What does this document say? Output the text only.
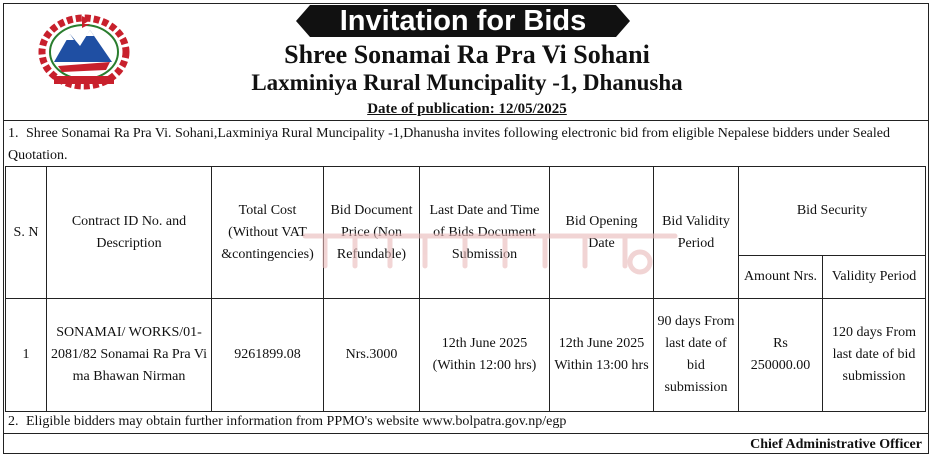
Invitation for Bids
Shree Sonamai Ra Pra Vi Sohani
Laxminiya Rural Muncipality -1, Dhanusha
Date of publication: 12/05/2025
1. Shree Sonamai Ra Pra Vi. Sohani,Laxminiya Rural Muncipality -1,Dhanusha invites following electronic bid from eligible Nepalese bidders under Sealed Quotation.
S. N	Contract ID No. and Description	Total Cost (Without VAT &contingencies)	Bid Document Price (Non Refundable)	Last Date and Time of Bids Document Submission	Bid Opening Date	Bid Validity Period	Bid Security	
							Amount Nrs.	Validity Period
1	SONAMAI/ WORKS/01-2081/82 Sonamai Ra Pra Vi ma Bhawan Nirman	9261899.08	Nrs.3000	12th June 2025 (Within 12:00 hrs)	12th June 2025 Within 13:00 hrs	90 days From last date of bid submission	Rs 250000.00	120 days From last date of bid submission
2. Eligible bidders may obtain further information from PPMO's website www.bolpatra.gov.np/egp
Chief Administrative Officer
